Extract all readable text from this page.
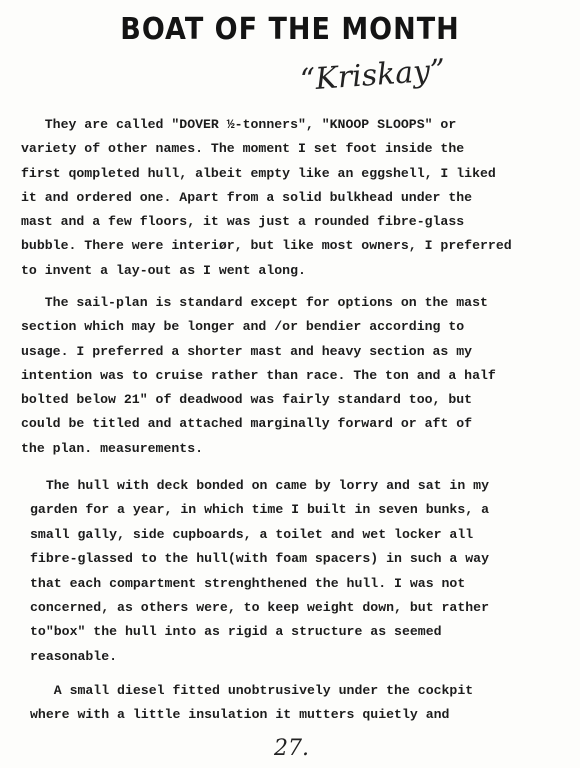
BOAT OF THE MONTH
“Kriskay”

They are called "DOVER ½-tonners", "KNOOP SLOOPS" or
variety of other names. The moment I set foot inside the
first qompleted hull, albeit empty like an eggshell, I liked
it and ordered one. Apart from a solid bulkhead under the
mast and a few floors, it was just a rounded fibre-glass
bubble. There were interiør, but like most owners, I preferred
to invent a lay-out as I went along.

The sail-plan is standard except for options on the mast
section which may be longer and /or bendier according to
usage. I preferred a shorter mast and heavy section as my
intention was to cruise rather than race. The ton and a half
bolted below 21" of deadwood was fairly standard too, but
could be titled and attached marginally forward or aft of
the plan. measurements.

The hull with deck bonded on came by lorry and sat in my
garden for a year, in which time I built in seven bunks, a
small gally, side cupboards, a toilet and wet locker all
fibre-glassed to the hull(with foam spacers) in such a way
that each compartment strenghthened the hull. I was not
concerned, as others were, to keep weight down, but rather
to"box" the hull into as rigid a structure as seemed
reasonable.

A small diesel fitted unobtrusively under the cockpit
where with a little insulation it mutters quietly and

27.
